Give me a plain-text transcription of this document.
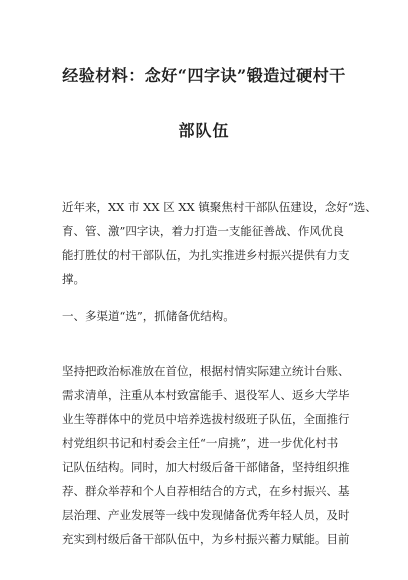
经验材料：念好“四字诀”锻造过硬村干
部队伍
近年来，XX 市 XX 区 XX 镇聚焦村干部队伍建设，念好“选、
育、管、激”四字诀，着力打造一支能征善战、作风优良
能打胜仗的村干部队伍，为扎实推进乡村振兴提供有力支
撑。
一、多渠道“选”，抓储备优结构。
坚持把政治标准放在首位，根据村情实际建立统计台账、
需求清单，注重从本村致富能手、退役军人、返乡大学毕
业生等群体中的党员中培养选拔村级班子队伍，全面推行
村党组织书记和村委会主任“一肩挑”，进一步优化村书
记队伍结构。同时，加大村级后备干部储备，坚持组织推
荐、群众举荐和个人自荐相结合的方式，在乡村振兴、基
层治理、产业发展等一线中发现储备优秀年轻人员，及时
充实到村级后备干部队伍中，为乡村振兴蓄力赋能。目前
